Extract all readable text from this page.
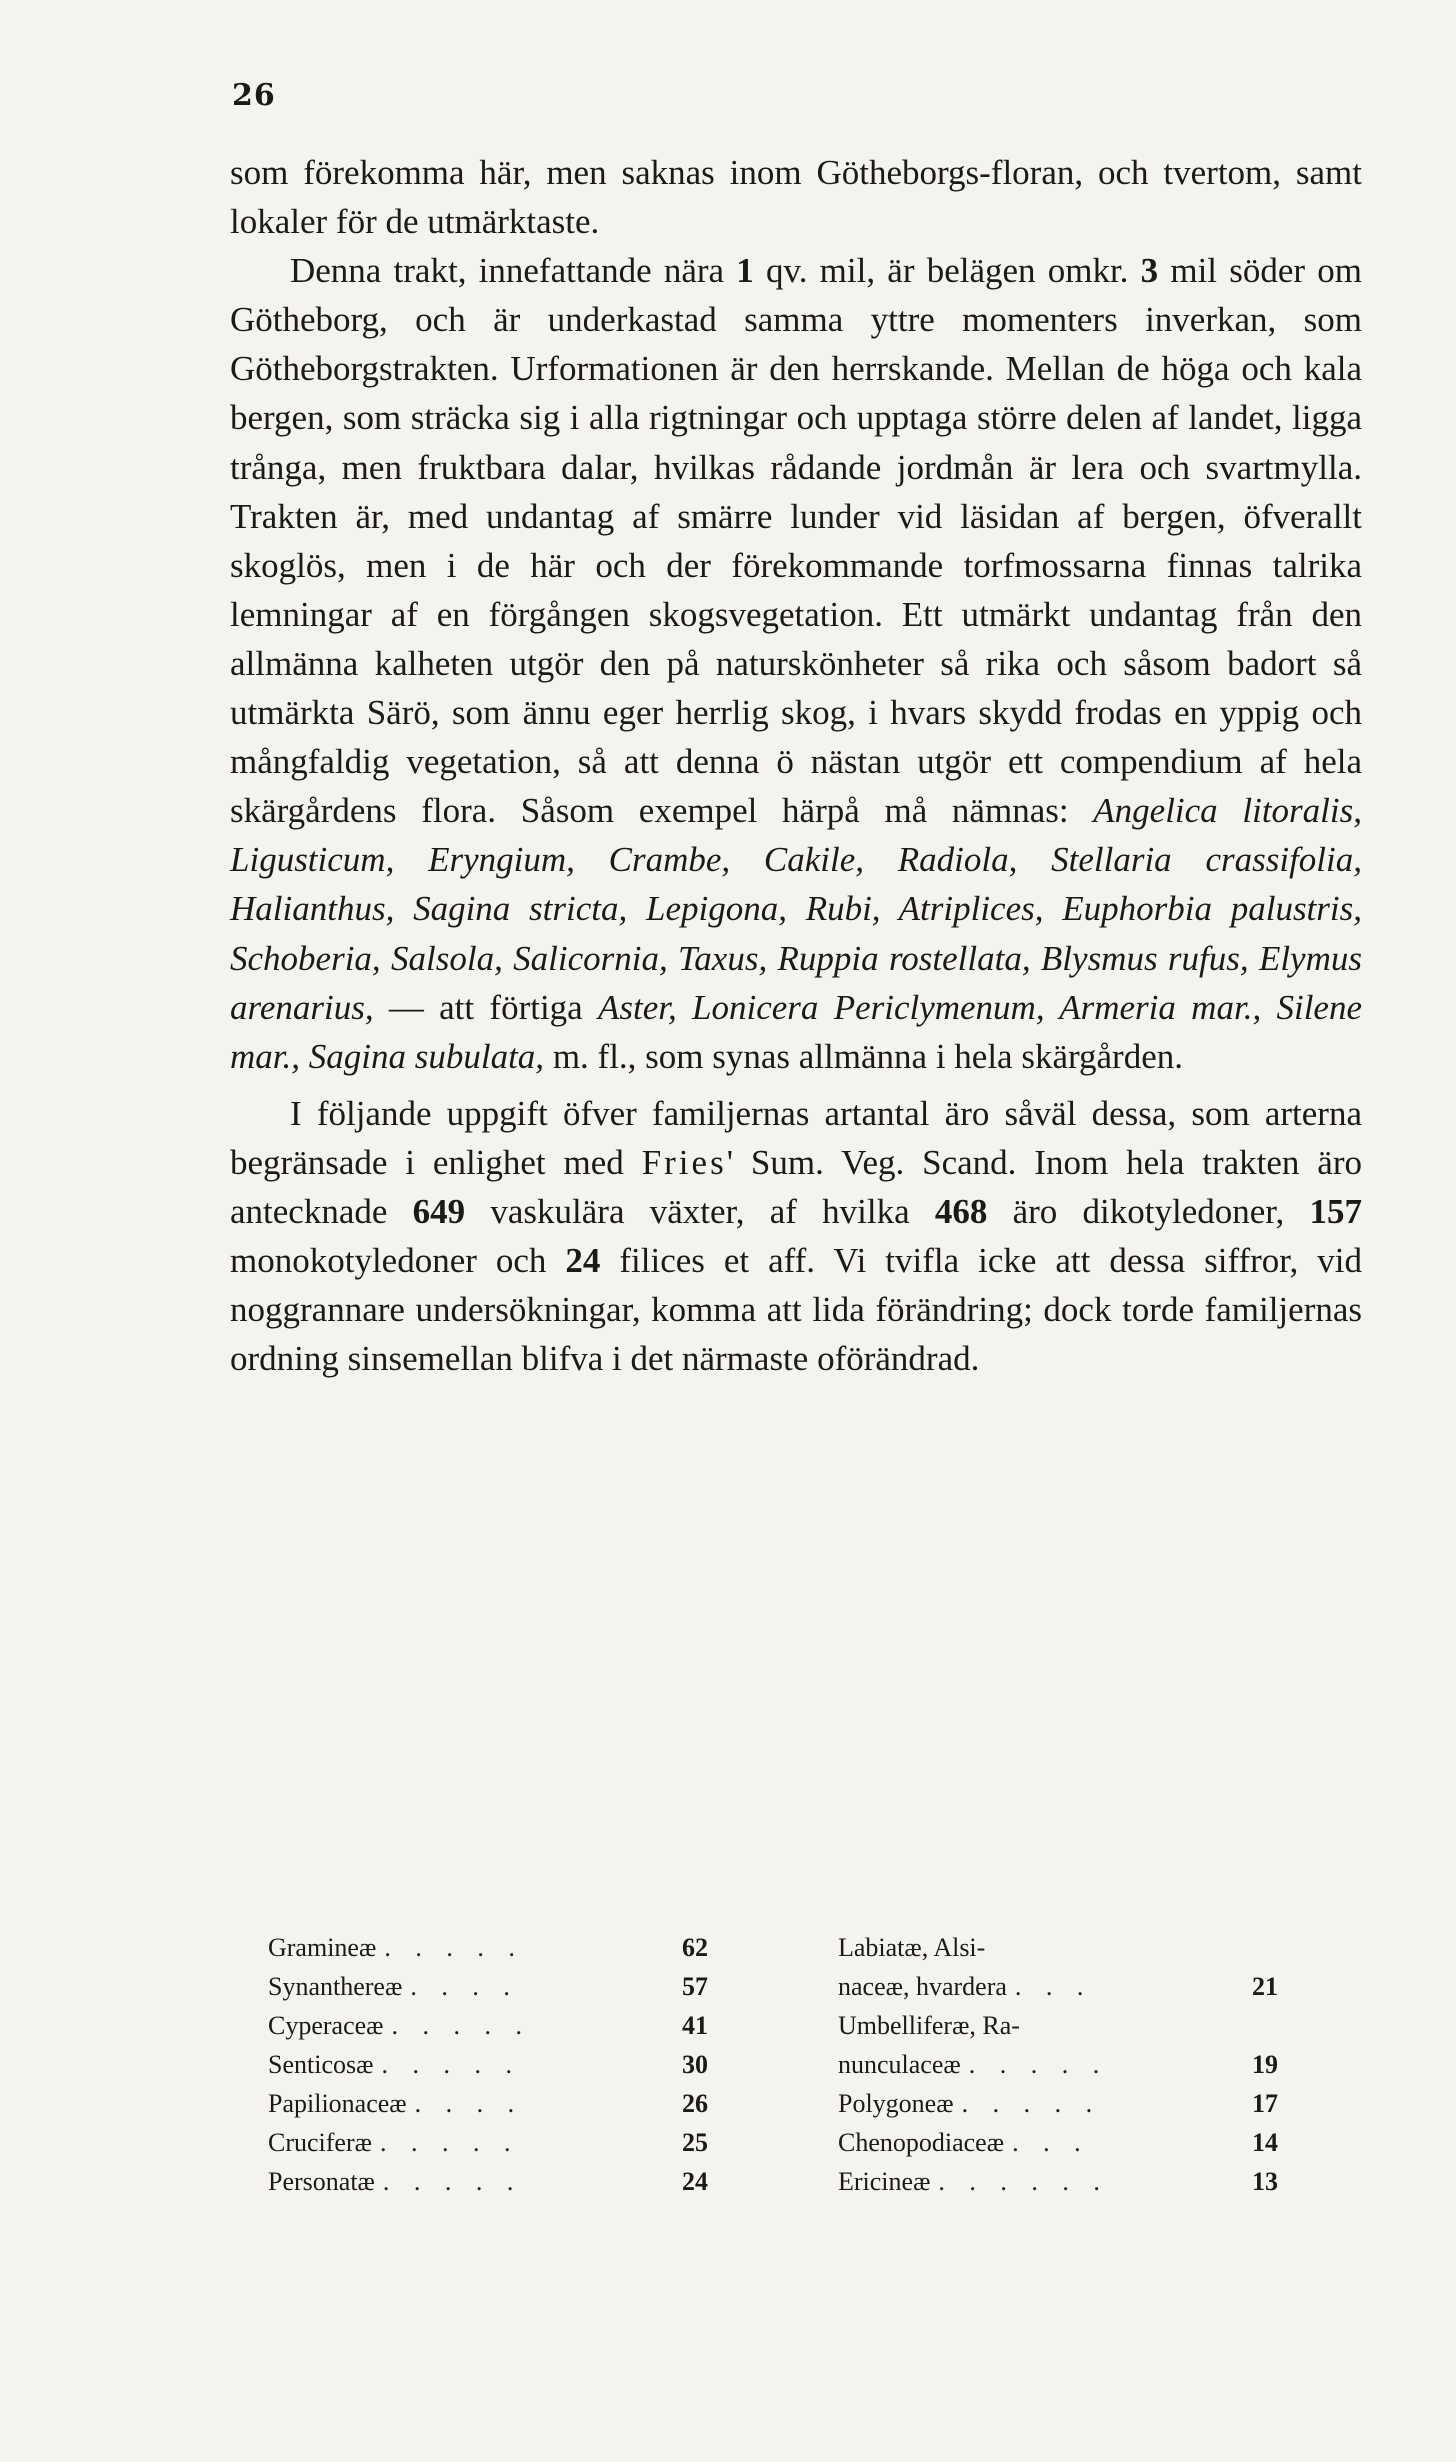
26

som förekomma här, men saknas inom Götheborgs-floran, och tvertom, samt lokaler för de utmärktaste.

Denna trakt, innefattande nära 1 qv. mil, är belägen omkr. 3 mil söder om Götheborg, och är underkastad samma yttre momenters inverkan, som Götheborgstrakten. Urformationen är den herrskande. Mellan de höga och kala bergen, som sträcka sig i alla rigtningar och upptaga större delen af landet, ligga trånga, men fruktbara dalar, hvilkas rådande jordmån är lera och svartmylla. Trakten är, med undantag af smärre lunder vid läsidan af bergen, öfverallt skoglös, men i de här och der förekommande torfmossarna finnas talrika lemningar af en förgången skogsvegetation. Ett utmärkt undantag från den allmänna kalheten utgör den på naturskönheter så rika och såsom badort så utmärkta Särö, som ännu eger herrlig skog, i hvars skydd frodas en yppig och mångfaldig vegetation, så att denna ö nästan utgör ett compendium af hela skärgårdens flora. Såsom exempel härpå må nämnas: Angelica litoralis, Ligusticum, Eryngium, Crambe, Cakile, Radiola, Stellaria crassifolia, Halianthus, Sagina stricta, Lepigona, Rubi, Atriplices, Euphorbia palustris, Schoberia, Salsola, Salicornia, Taxus, Ruppia rostellata, Blysmus rufus, Elymus arenarius, — att förtiga Aster, Lonicera Periclymenum, Armeria mar., Silene mar., Sagina subulata, m. fl., som synas allmänna i hela skärgården.

I följande uppgift öfver familjernas artantal äro såväl dessa, som arterna begränsade i enlighet med Fries' Sum. Veg. Scand. Inom hela trakten äro antecknade 649 vaskulära växter, af hvilka 468 äro dikotyledoner, 157 monokotyledoner och 24 filices et aff. Vi tvifla icke att dessa siffror, vid noggrannare undersökningar, komma att lida förändring; dock torde familjernas ordning sinsemellan blifva i det närmaste oförändrad.

Gramineæ . . . . .	62
Synanthereæ . . . .	57
Cyperaceæ . . . . .	41
Senticosæ . . . . .	30
Papilionaceæ . . . .	26
Cruciferæ . . . . .	25
Personatæ . . . . .	24
Labiatæ, Alsi-
naceæ, hvardera . . .	21
Umbelliferæ, Ra-
nunculaceæ . . . . .	19
Polygoneæ . . . . .	17
Chenopodiaceæ . . .	14
Ericineæ . . . . . .	13
